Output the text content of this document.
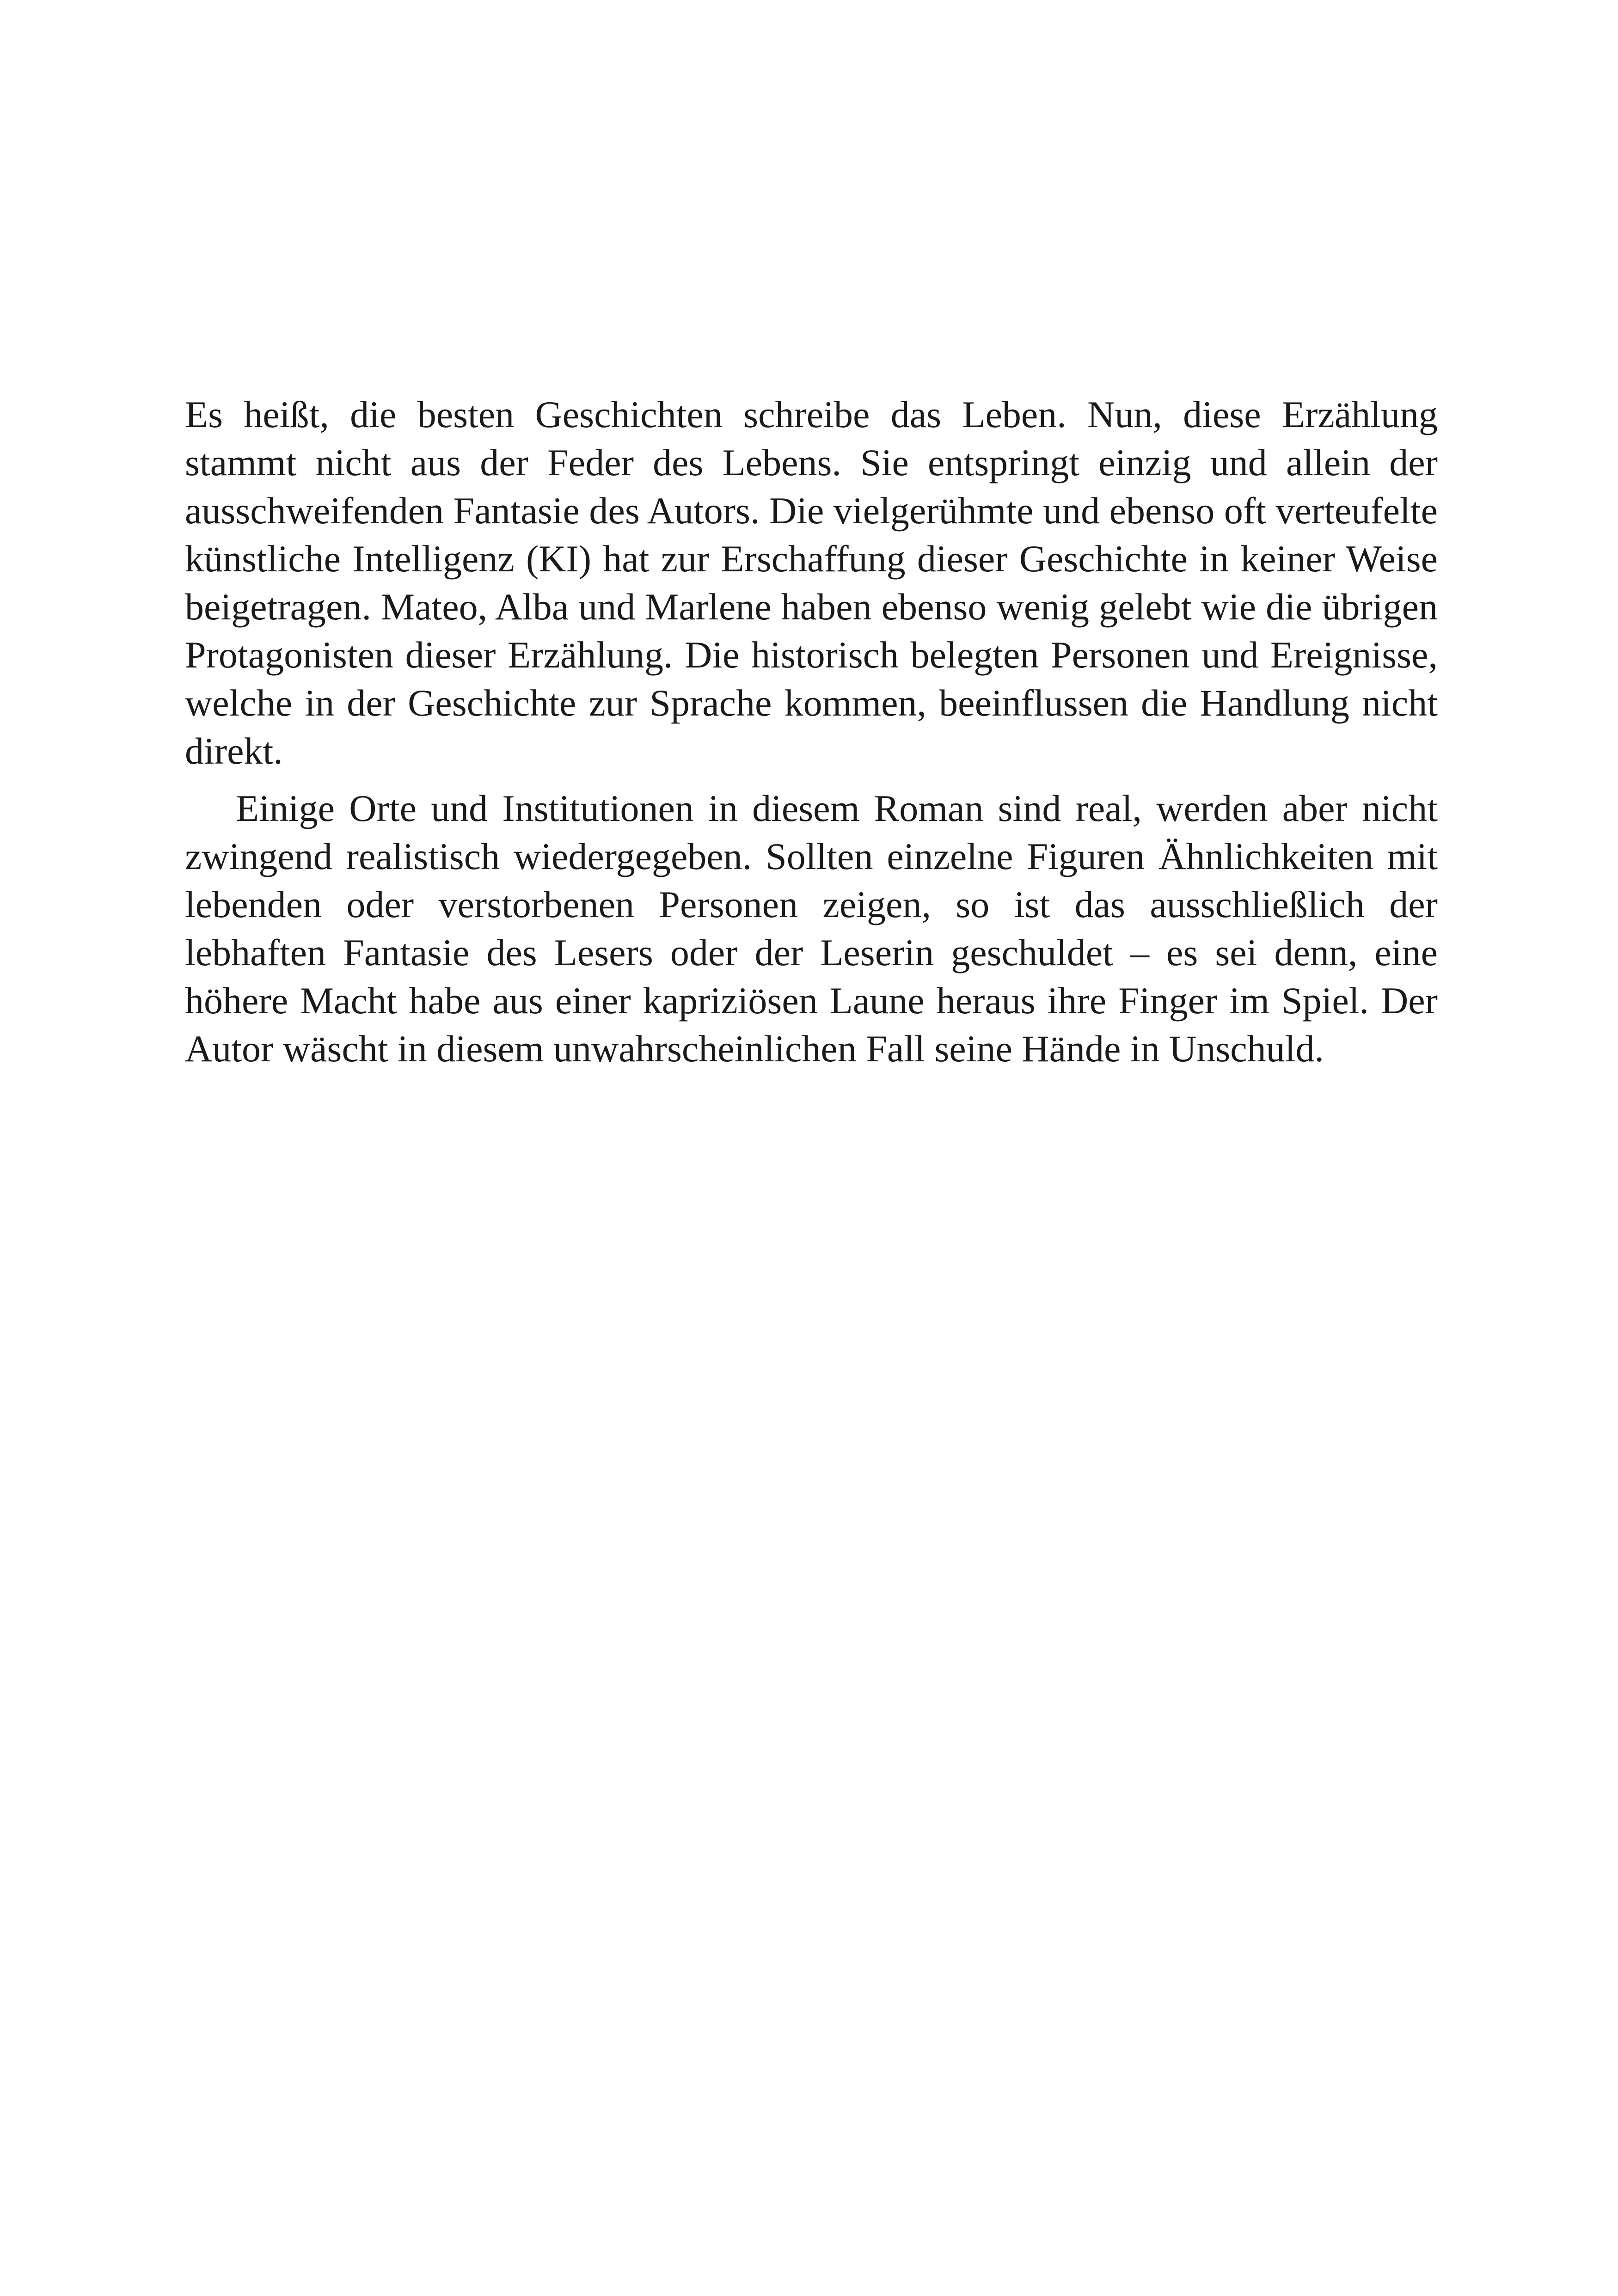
Es heißt, die besten Geschichten schreibe das Leben. Nun, diese Erzählung stammt nicht aus der Feder des Lebens. Sie entspringt einzig und allein der ausschweifenden Fantasie des Autors. Die vielgerühmte und ebenso oft verteufelte künstliche Intelligenz (KI) hat zur Erschaffung dieser Geschichte in keiner Weise beigetragen. Mateo, Alba und Marlene haben ebenso wenig gelebt wie die übrigen Protagonisten dieser Erzählung. Die historisch belegten Personen und Ereignisse, welche in der Geschichte zur Sprache kommen, beeinflussen die Handlung nicht direkt.

Einige Orte und Institutionen in diesem Roman sind real, werden aber nicht zwingend realistisch wiedergegeben. Sollten einzelne Figuren Ähnlichkeiten mit lebenden oder verstorbenen Personen zeigen, so ist das ausschließlich der lebhaften Fantasie des Lesers oder der Leserin geschuldet – es sei denn, eine höhere Macht habe aus einer kapriziösen Laune heraus ihre Finger im Spiel. Der Autor wäscht in diesem unwahrscheinlichen Fall seine Hände in Unschuld.
